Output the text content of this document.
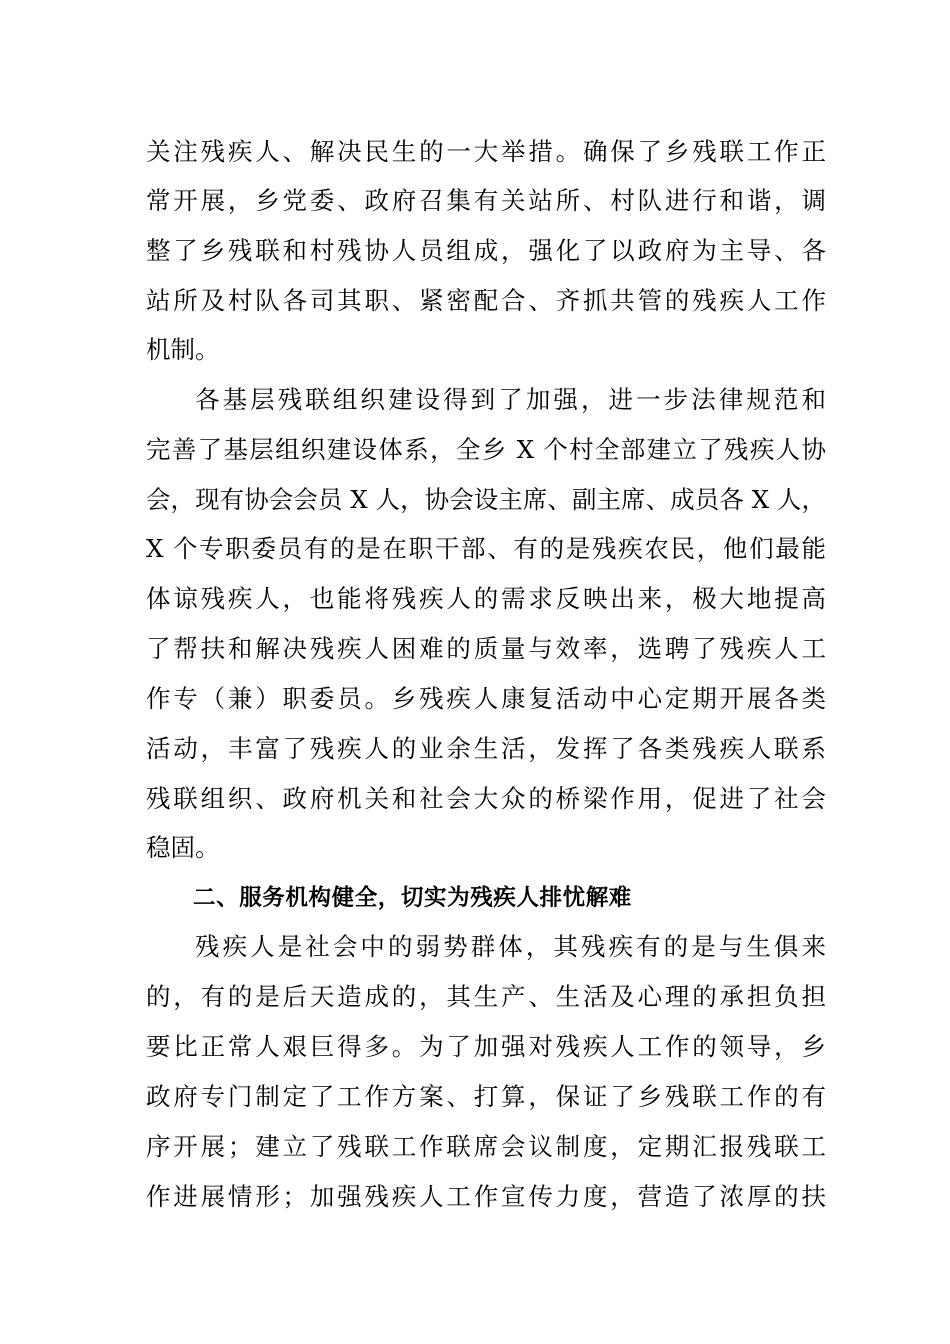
关注残疾人、解决民生的一大举措。确保了乡残联工作正
常开展，乡党委、政府召集有关站所、村队进行和谐，调
整了乡残联和村残协人员组成，强化了以政府为主导、各
站所及村队各司其职、紧密配合、齐抓共管的残疾人工作
机制。
各基层残联组织建设得到了加强，进一步法律规范和
完善了基层组织建设体系，全乡 X 个村全部建立了残疾人协
会，现有协会会员 X 人，协会设主席、副主席、成员各 X 人，
X 个专职委员有的是在职干部、有的是残疾农民，他们最能
体谅残疾人，也能将残疾人的需求反映出来，极大地提高
了帮扶和解决残疾人困难的质量与效率，选聘了残疾人工
作专（兼）职委员。乡残疾人康复活动中心定期开展各类
活动，丰富了残疾人的业余生活，发挥了各类残疾人联系
残联组织、政府机关和社会大众的桥梁作用，促进了社会
稳固。
二、服务机构健全，切实为残疾人排忧解难
残疾人是社会中的弱势群体，其残疾有的是与生俱来
的，有的是后天造成的，其生产、生活及心理的承担负担
要比正常人艰巨得多。为了加强对残疾人工作的领导，乡
政府专门制定了工作方案、打算，保证了乡残联工作的有
序开展；建立了残联工作联席会议制度，定期汇报残联工
作进展情形；加强残疾人工作宣传力度，营造了浓厚的扶
